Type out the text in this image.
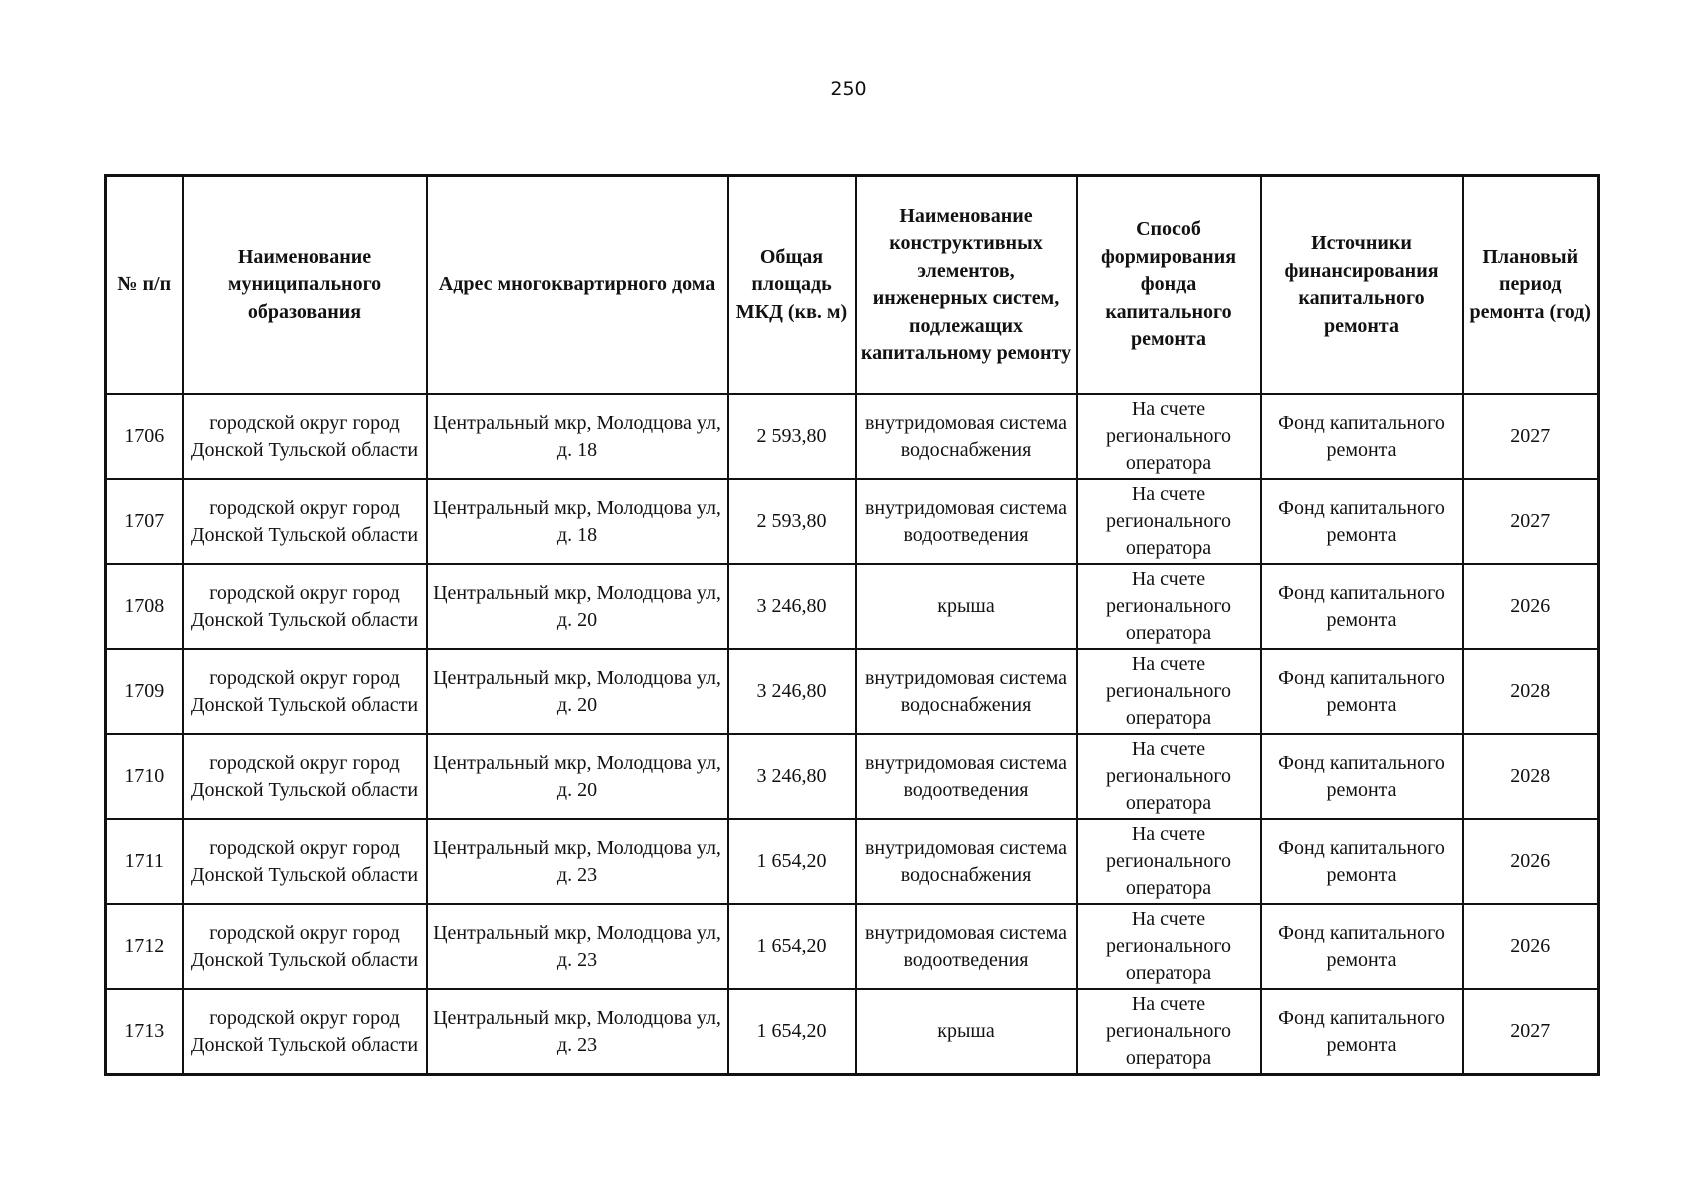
250
№ п/п	Наименование муниципального образования	Адрес многоквартирного дома	Общая площадь МКД (кв. м)	Наименование конструктивных элементов, инженерных систем, подлежащих капитальному ремонту	Способ формирования фонда капитального ремонта	Источники финансирования капитального ремонта	Плановый период ремонта (год)
1706	городской округ город Донской Тульской области	Центральный мкр, Молодцова ул, д. 18	2 593,80	внутридомовая система водоснабжения	На счете регионального оператора	Фонд капитального ремонта	2027
1707	городской округ город Донской Тульской области	Центральный мкр, Молодцова ул, д. 18	2 593,80	внутридомовая система водоотведения	На счете регионального оператора	Фонд капитального ремонта	2027
1708	городской округ город Донской Тульской области	Центральный мкр, Молодцова ул, д. 20	3 246,80	крыша	На счете регионального оператора	Фонд капитального ремонта	2026
1709	городской округ город Донской Тульской области	Центральный мкр, Молодцова ул, д. 20	3 246,80	внутридомовая система водоснабжения	На счете регионального оператора	Фонд капитального ремонта	2028
1710	городской округ город Донской Тульской области	Центральный мкр, Молодцова ул, д. 20	3 246,80	внутридомовая система водоотведения	На счете регионального оператора	Фонд капитального ремонта	2028
1711	городской округ город Донской Тульской области	Центральный мкр, Молодцова ул, д. 23	1 654,20	внутридомовая система водоснабжения	На счете регионального оператора	Фонд капитального ремонта	2026
1712	городской округ город Донской Тульской области	Центральный мкр, Молодцова ул, д. 23	1 654,20	внутридомовая система водоотведения	На счете регионального оператора	Фонд капитального ремонта	2026
1713	городской округ город Донской Тульской области	Центральный мкр, Молодцова ул, д. 23	1 654,20	крыша	На счете регионального оператора	Фонд капитального ремонта	2027
